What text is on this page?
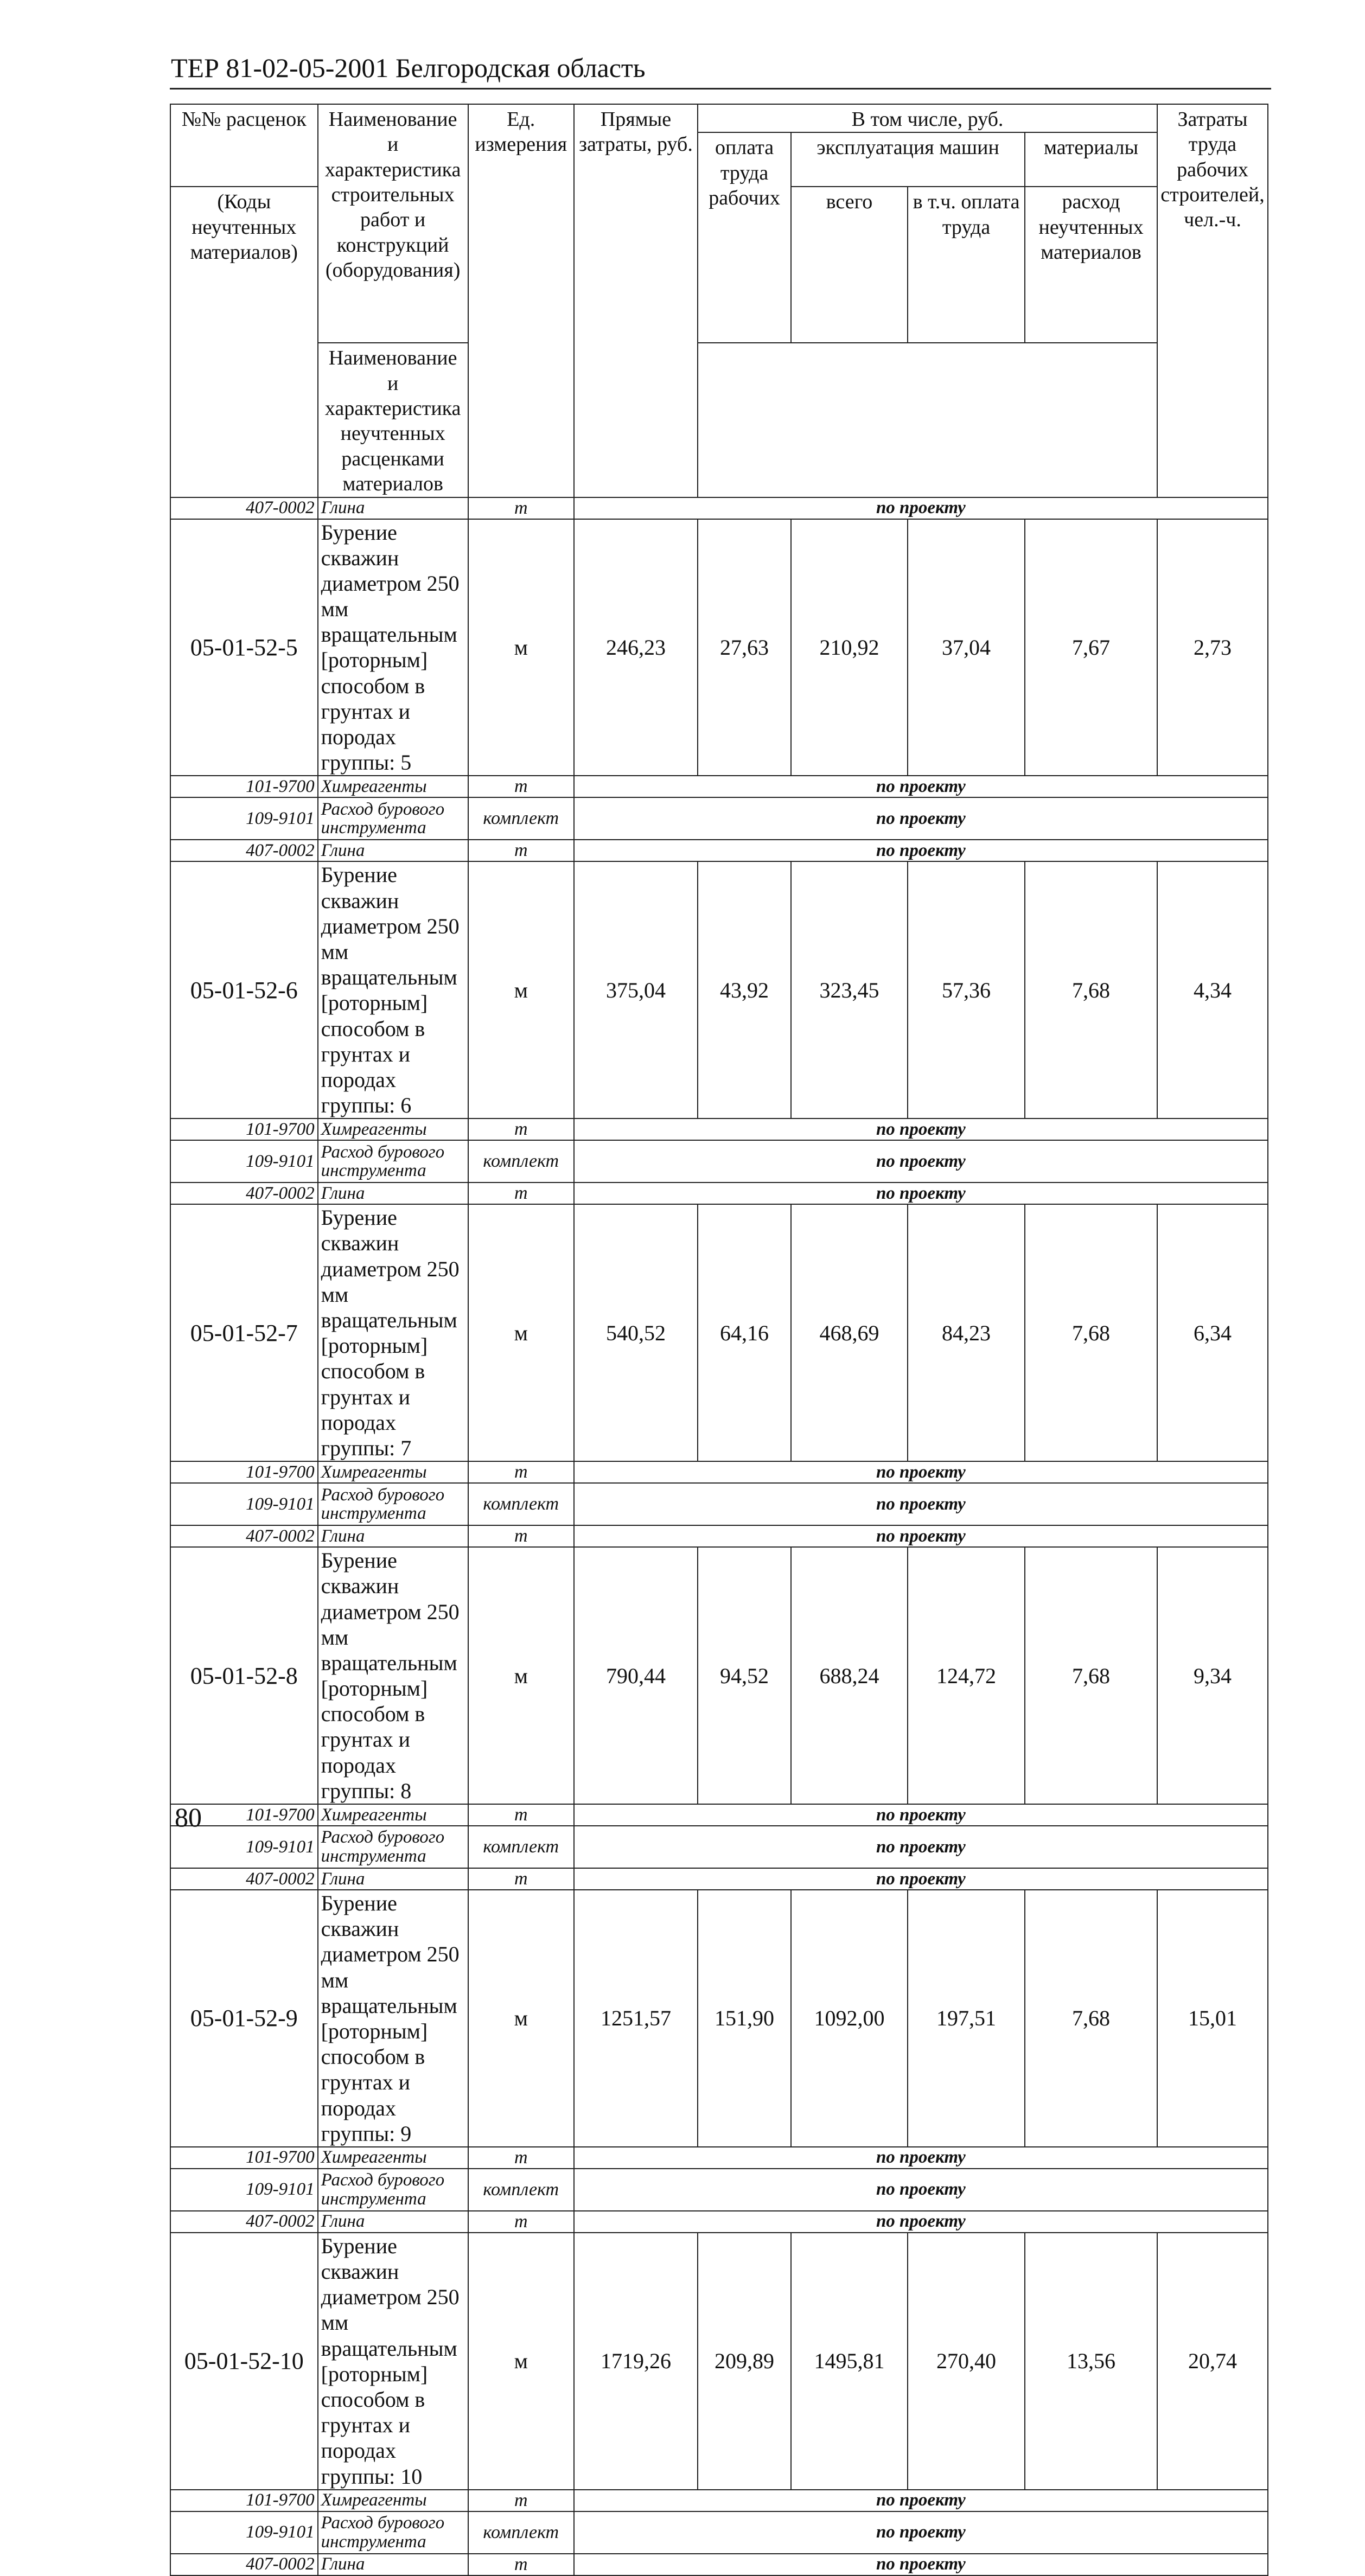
ТЕР 81-02-05-2001 Белгородская область
№№ расценок	Наименование и характеристика строительных работ и конструкций (оборудования)	Ед. измерения	Прямые затраты, руб.	В том числе, руб.				Затраты труда рабочих строителей, чел.-ч.
				оплата труда рабочих	эксплуатация машин		материалы	
(Коды неучтенных материалов)					всего	в т.ч. оплата труда	расход неучтенных материалов	
	Наименование и характеристика неучтенных расценками материалов							
407-0002	Глина	т	по проекту					
05-01-52-5	Бурение скважин диаметром 250 мм вращательным [роторным] способом в грунтах и породах группы: 5	м	246,23	27,63	210,92	37,04	7,67	2,73
101-9700	Химреагенты	т	по проекту					
109-9101	Расход бурового инструмента	комплект	по проекту					
407-0002	Глина	т	по проекту					
05-01-52-6	Бурение скважин диаметром 250 мм вращательным [роторным] способом в грунтах и породах группы: 6	м	375,04	43,92	323,45	57,36	7,68	4,34
101-9700	Химреагенты	т	по проекту					
109-9101	Расход бурового инструмента	комплект	по проекту					
407-0002	Глина	т	по проекту					
05-01-52-7	Бурение скважин диаметром 250 мм вращательным [роторным] способом в грунтах и породах группы: 7	м	540,52	64,16	468,69	84,23	7,68	6,34
101-9700	Химреагенты	т	по проекту					
109-9101	Расход бурового инструмента	комплект	по проекту					
407-0002	Глина	т	по проекту					
05-01-52-8	Бурение скважин диаметром 250 мм вращательным [роторным] способом в грунтах и породах группы: 8	м	790,44	94,52	688,24	124,72	7,68	9,34
101-9700	Химреагенты	т	по проекту					
109-9101	Расход бурового инструмента	комплект	по проекту					
407-0002	Глина	т	по проекту					
05-01-52-9	Бурение скважин диаметром 250 мм вращательным [роторным] способом в грунтах и породах группы: 9	м	1251,57	151,90	1092,00	197,51	7,68	15,01
101-9700	Химреагенты	т	по проекту					
109-9101	Расход бурового инструмента	комплект	по проекту					
407-0002	Глина	т	по проекту					
05-01-52-10	Бурение скважин диаметром 250 мм вращательным [роторным] способом в грунтах и породах группы: 10	м	1719,26	209,89	1495,81	270,40	13,56	20,74
101-9700	Химреагенты	т	по проекту					
109-9101	Расход бурового инструмента	комплект	по проекту					
407-0002	Глина	т	по проекту					
80
